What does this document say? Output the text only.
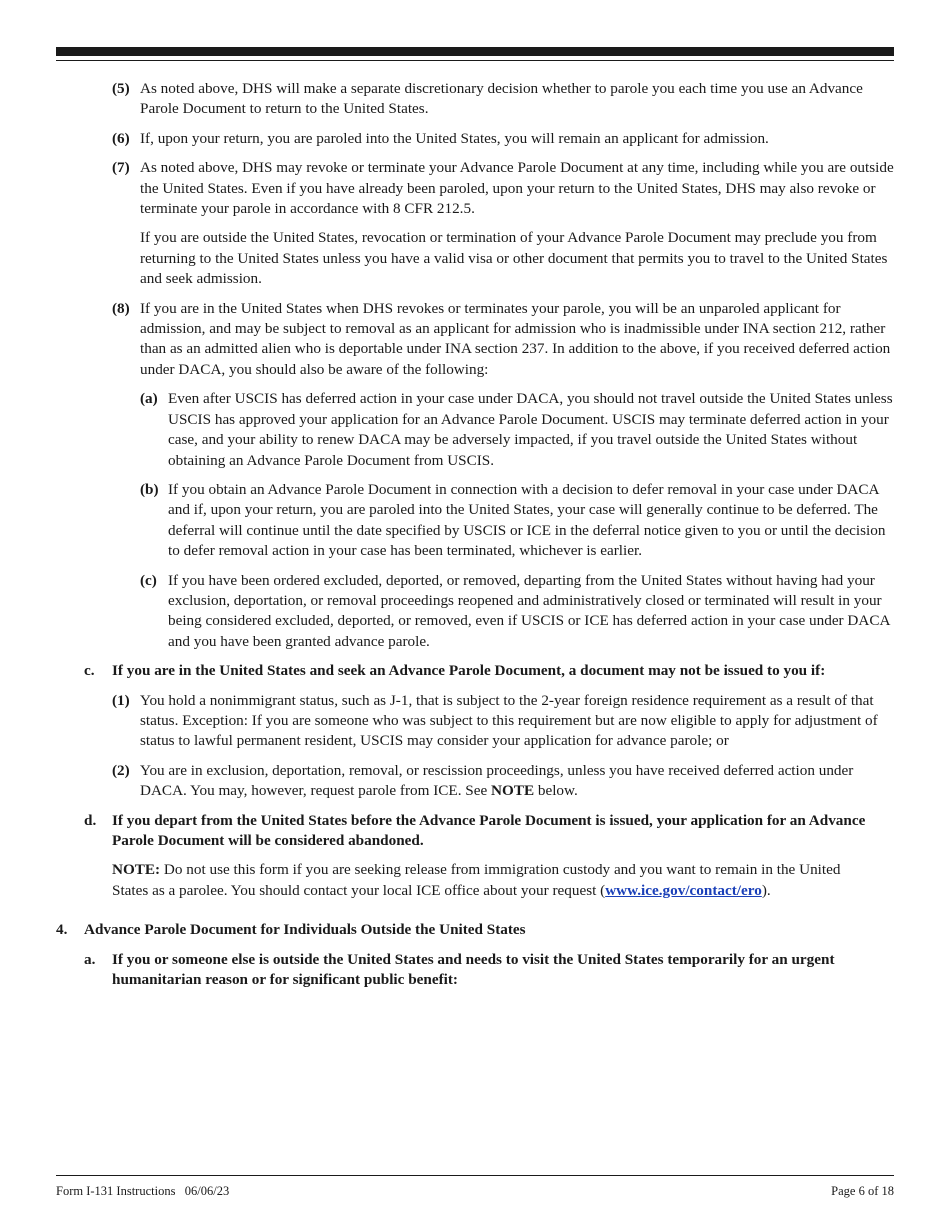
(5) As noted above, DHS will make a separate discretionary decision whether to parole you each time you use an Advance Parole Document to return to the United States.
(6) If, upon your return, you are paroled into the United States, you will remain an applicant for admission.
(7) As noted above, DHS may revoke or terminate your Advance Parole Document at any time, including while you are outside the United States. Even if you have already been paroled, upon your return to the United States, DHS may also revoke or terminate your parole in accordance with 8 CFR 212.5.
If you are outside the United States, revocation or termination of your Advance Parole Document may preclude you from returning to the United States unless you have a valid visa or other document that permits you to travel to the United States and seek admission.
(8) If you are in the United States when DHS revokes or terminates your parole, you will be an unparoled applicant for admission, and may be subject to removal as an applicant for admission who is inadmissible under INA section 212, rather than as an admitted alien who is deportable under INA section 237. In addition to the above, if you received deferred action under DACA, you should also be aware of the following:
(a) Even after USCIS has deferred action in your case under DACA, you should not travel outside the United States unless USCIS has approved your application for an Advance Parole Document. USCIS may terminate deferred action in your case, and your ability to renew DACA may be adversely impacted, if you travel outside the United States without obtaining an Advance Parole Document from USCIS.
(b) If you obtain an Advance Parole Document in connection with a decision to defer removal in your case under DACA and if, upon your return, you are paroled into the United States, your case will generally continue to be deferred. The deferral will continue until the date specified by USCIS or ICE in the deferral notice given to you or until the decision to defer removal action in your case has been terminated, whichever is earlier.
(c) If you have been ordered excluded, deported, or removed, departing from the United States without having had your exclusion, deportation, or removal proceedings reopened and administratively closed or terminated will result in your being considered excluded, deported, or removed, even if USCIS or ICE has deferred action in your case under DACA and you have been granted advance parole.
c. If you are in the United States and seek an Advance Parole Document, a document may not be issued to you if:
(1) You hold a nonimmigrant status, such as J-1, that is subject to the 2-year foreign residence requirement as a result of that status. Exception: If you are someone who was subject to this requirement but are now eligible to apply for adjustment of status to lawful permanent resident, USCIS may consider your application for advance parole; or
(2) You are in exclusion, deportation, removal, or rescission proceedings, unless you have received deferred action under DACA. You may, however, request parole from ICE. See NOTE below.
d. If you depart from the United States before the Advance Parole Document is issued, your application for an Advance Parole Document will be considered abandoned.
NOTE: Do not use this form if you are seeking release from immigration custody and you want to remain in the United States as a parolee. You should contact your local ICE office about your request (www.ice.gov/contact/ero).
4. Advance Parole Document for Individuals Outside the United States
a. If you or someone else is outside the United States and needs to visit the United States temporarily for an urgent humanitarian reason or for significant public benefit:
Form I-131 Instructions   06/06/23	Page 6 of 18
